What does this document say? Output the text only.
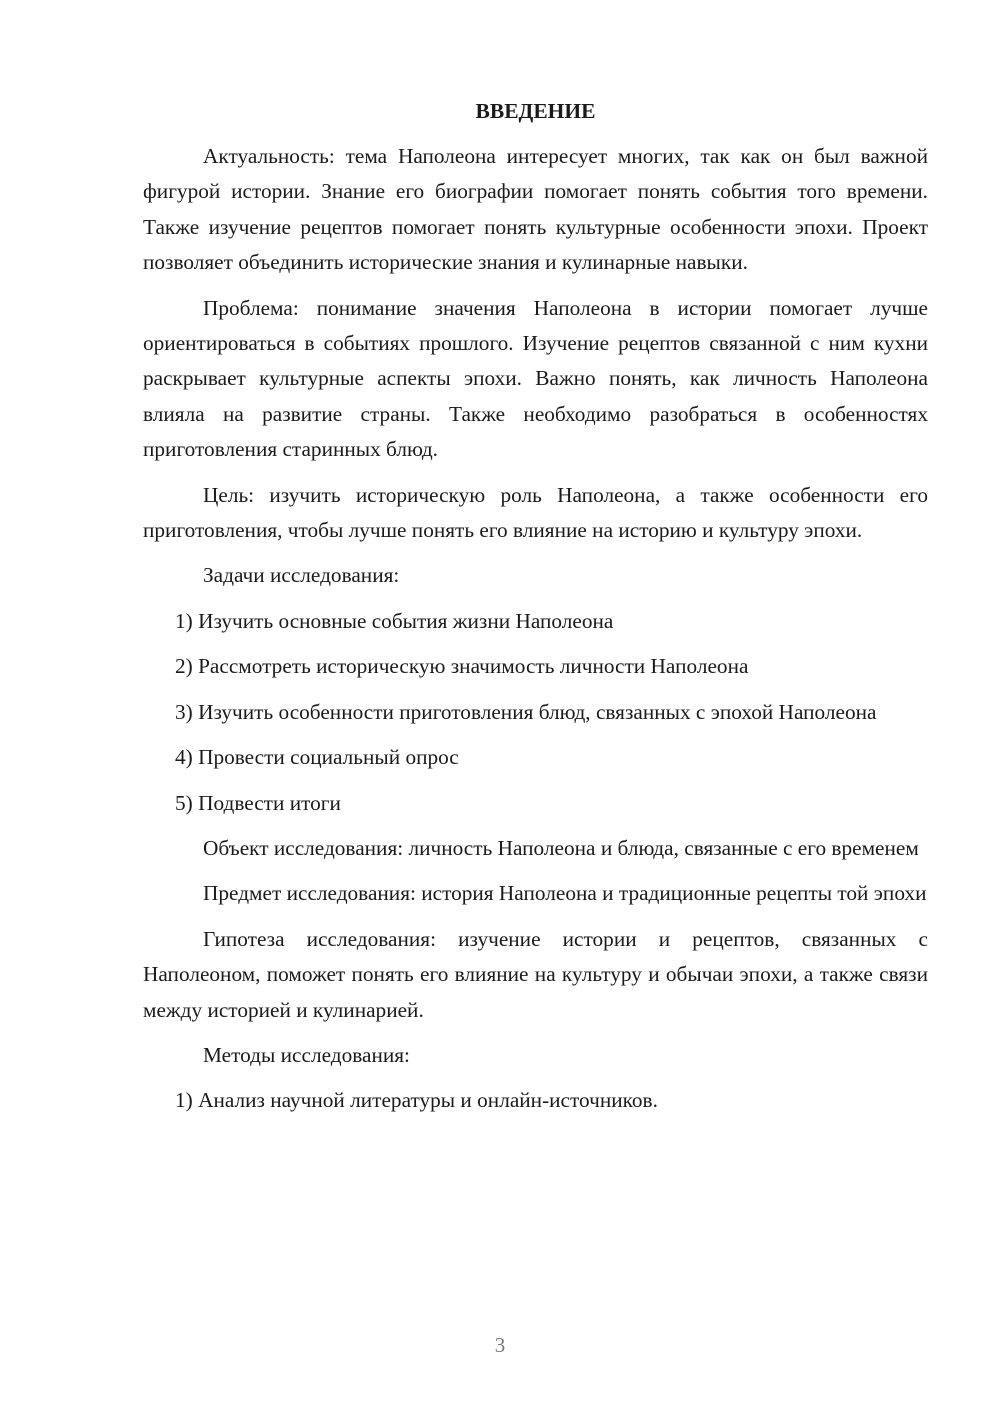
ВВЕДЕНИЕ

Актуальность: тема Наполеона интересует многих, так как он был важной фигурой истории. Знание его биографии помогает понять события того времени. Также изучение рецептов помогает понять культурные особенности эпохи. Проект позволяет объединить исторические знания и кулинарные навыки.

Проблема: понимание значения Наполеона в истории помогает лучше ориентироваться в событиях прошлого. Изучение рецептов связанной с ним кухни раскрывает культурные аспекты эпохи. Важно понять, как личность Наполеона влияла на развитие страны. Также необходимо разобраться в особенностях приготовления старинных блюд.

Цель: изучить историческую роль Наполеона, а также особенности его приготовления, чтобы лучше понять его влияние на историю и культуру эпохи.

Задачи исследования:

1) Изучить основные события жизни Наполеона

2) Рассмотреть историческую значимость личности Наполеона

3) Изучить особенности приготовления блюд, связанных с эпохой Наполеона

4) Провести социальный опрос

5) Подвести итоги

Объект исследования: личность Наполеона и блюда, связанные с его временем

Предмет исследования: история Наполеона и традиционные рецепты той эпохи

Гипотеза исследования: изучение истории и рецептов, связанных с Наполеоном, поможет понять его влияние на культуру и обычаи эпохи, а также связи между историей и кулинарией.

Методы исследования:

1) Анализ научной литературы и онлайн-источников.

3
